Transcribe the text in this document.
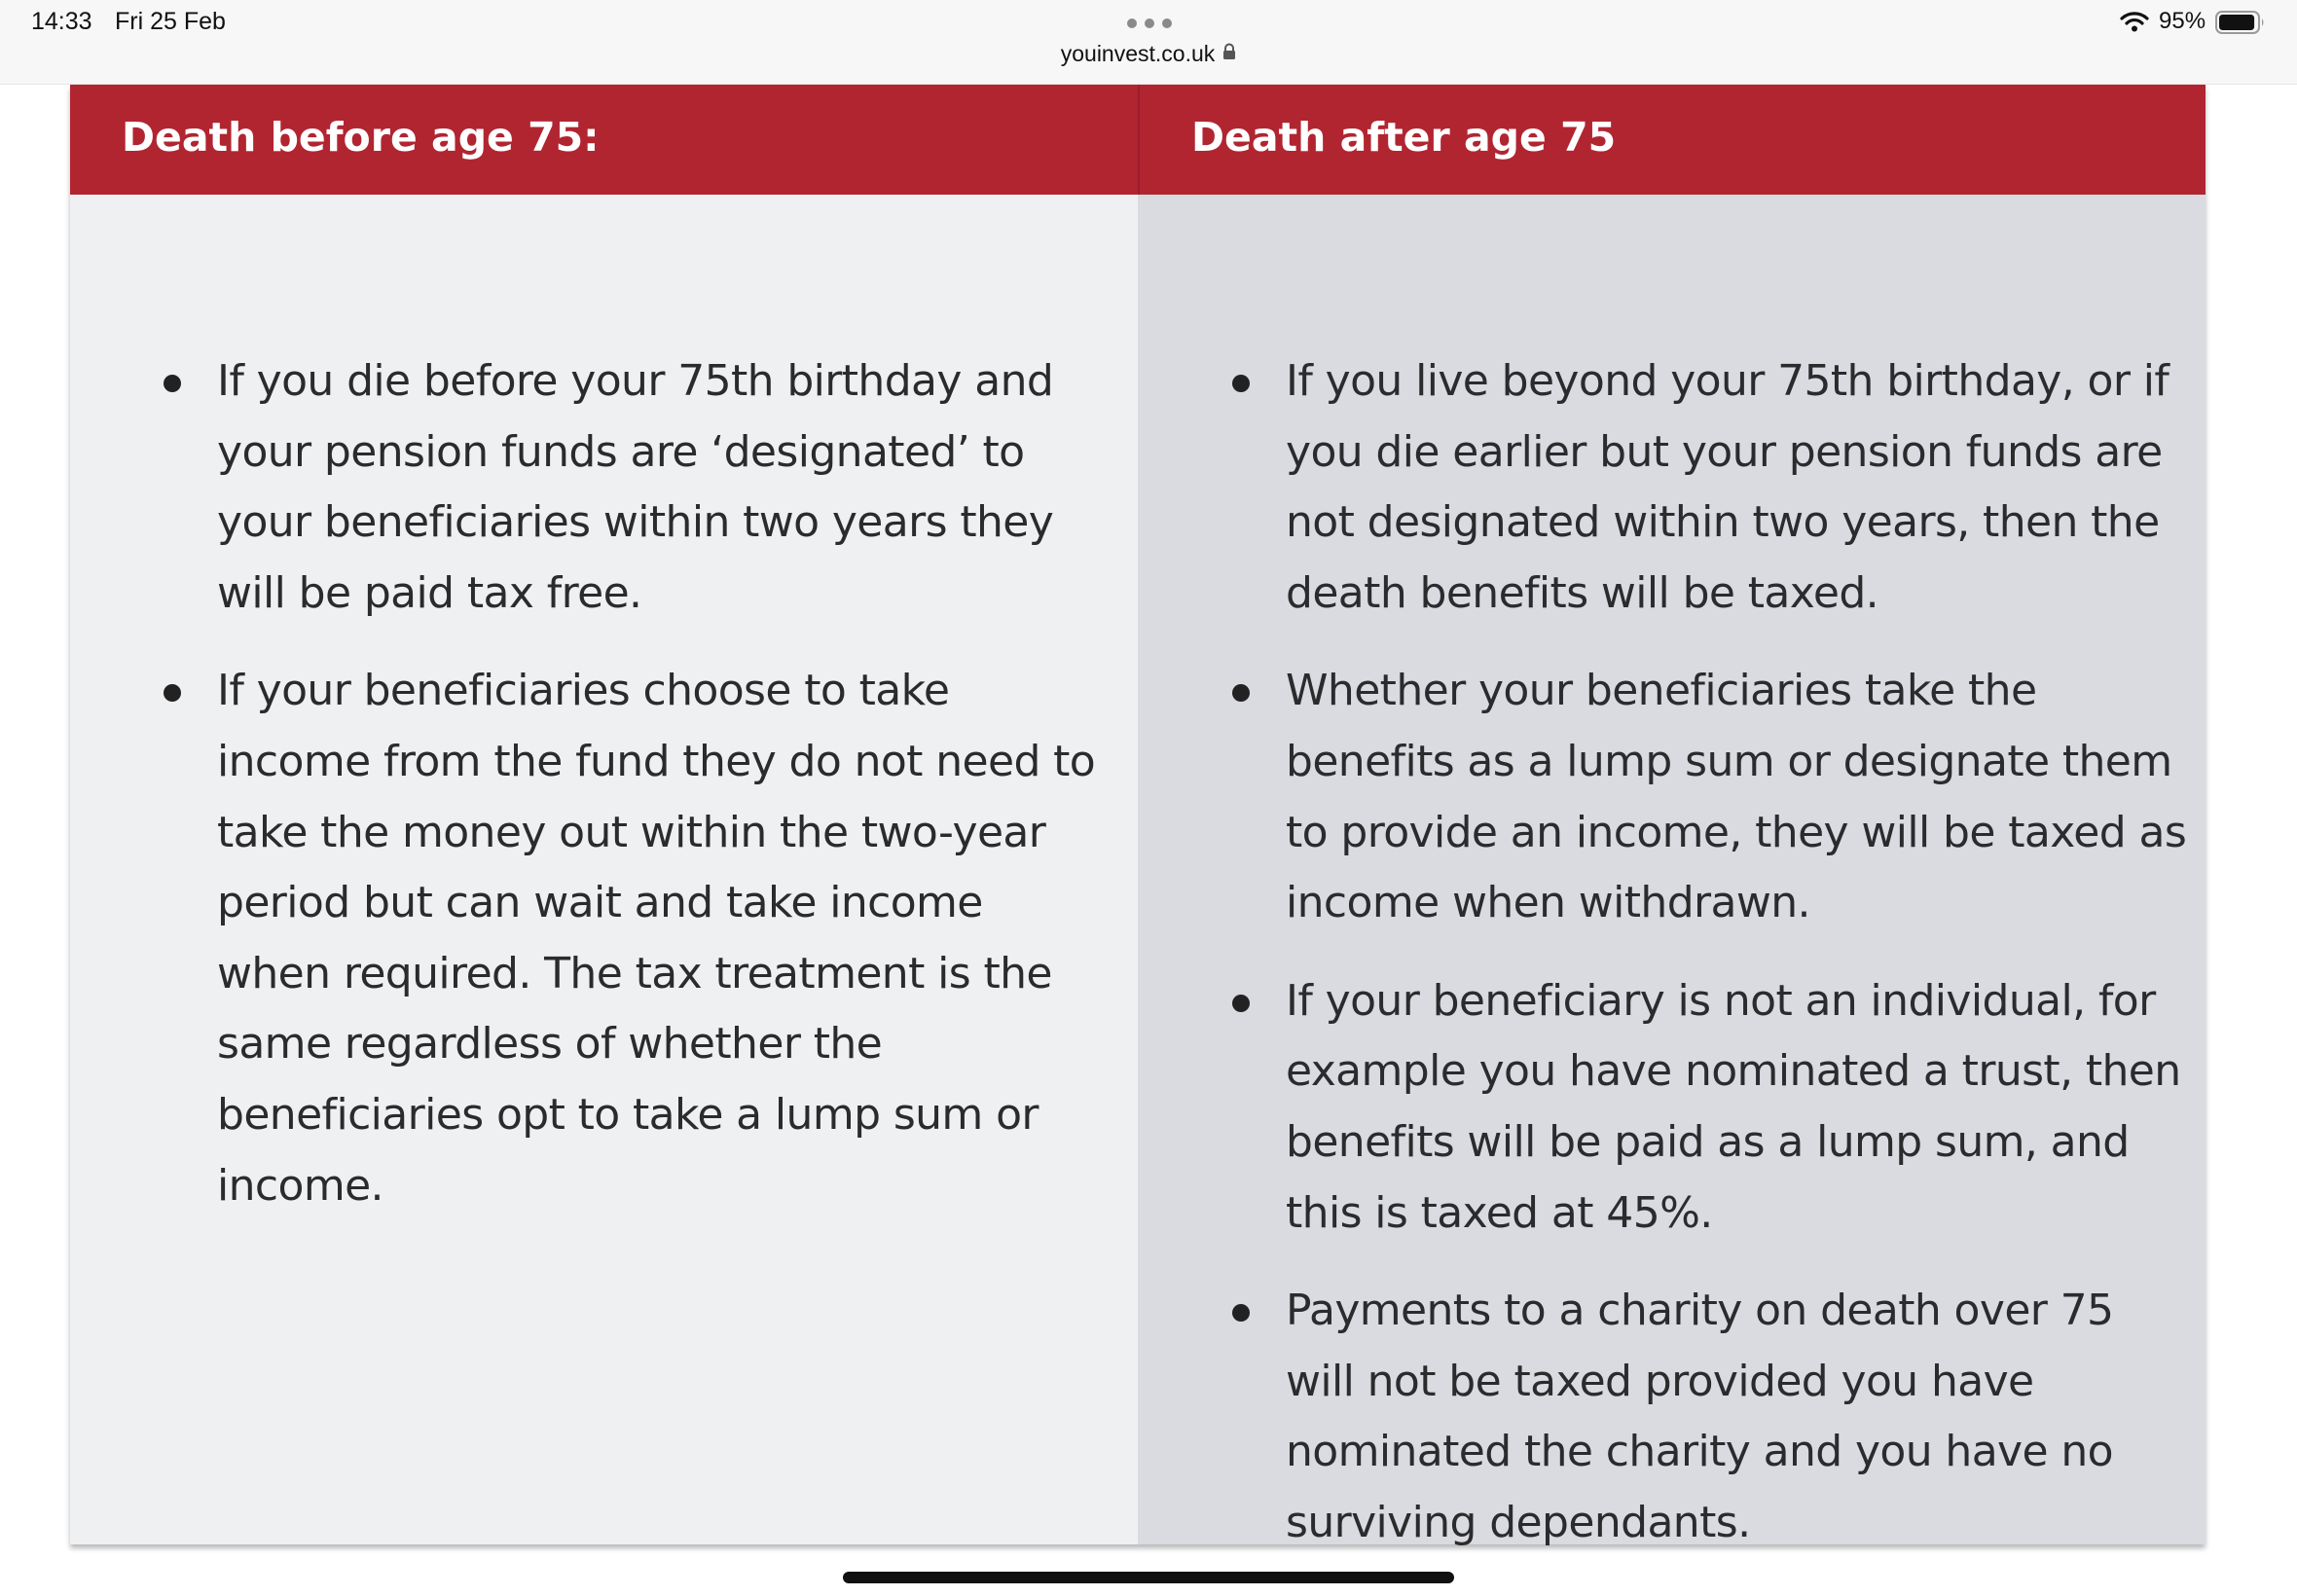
14:33 Fri 25 Feb
youinvest.co.uk
95%
Death before age 75:	Death after age 75
If you die before your 75th birthday and your pension funds are ‘designated’ to your beneficiaries within two years they will be paid tax free.
If your beneficiaries choose to take income from the fund they do not need to take the money out within the two-year period but can wait and take income when required. The tax treatment is the same regardless of whether the beneficiaries opt to take a lump sum or income.
If you live beyond your 75th birthday, or if you die earlier but your pension funds are not designated within two years, then the death benefits will be taxed.
Whether your beneficiaries take the benefits as a lump sum or designate them to provide an income, they will be taxed as income when withdrawn.
If your beneficiary is not an individual, for example you have nominated a trust, then benefits will be paid as a lump sum, and this is taxed at 45%.
Payments to a charity on death over 75 will not be taxed provided you have nominated the charity and you have no surviving dependants.
